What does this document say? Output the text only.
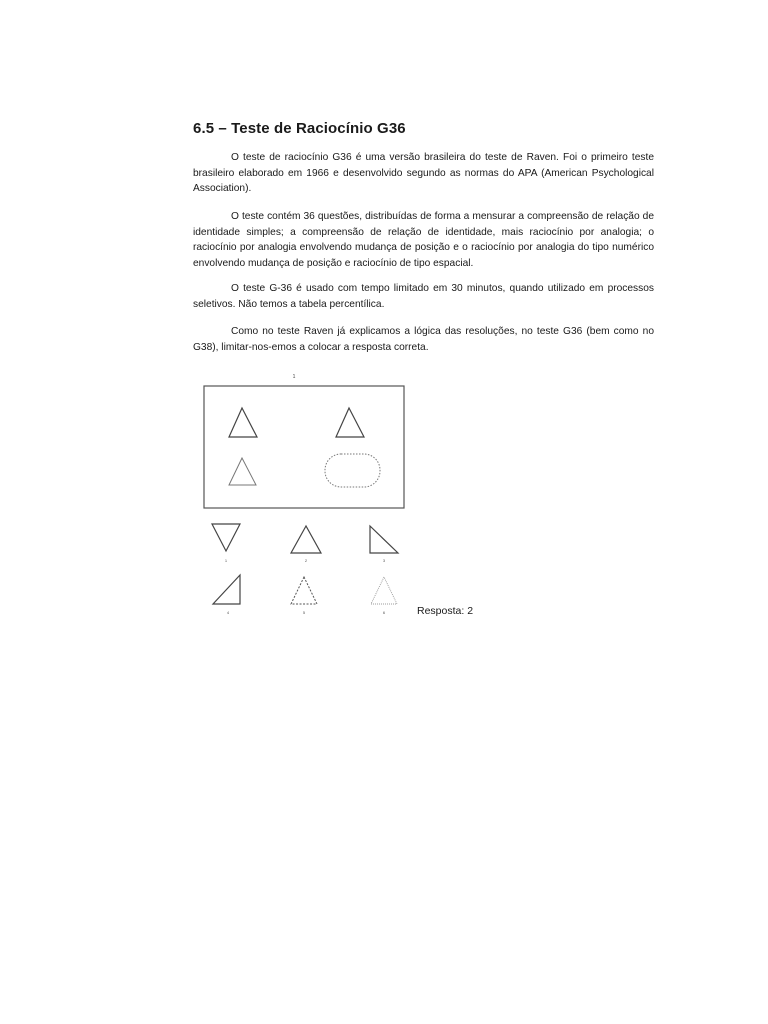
6.5 – Teste de Raciocínio G36

O teste de raciocínio G36 é uma versão brasileira do teste de Raven. Foi o primeiro teste brasileiro elaborado em 1966 e desenvolvido segundo as normas do APA (American Psychological Association).

O teste contém 36 questões, distribuídas de forma a mensurar a compreensão de relação de identidade simples; a compreensão de relação de identidade, mais raciocínio por analogia; o raciocínio por analogia envolvendo mudança de posição e o raciocínio por analogia do tipo numérico envolvendo mudança de posição e raciocínio de tipo espacial.

O teste G-36 é usado com tempo limitado em 30 minutos, quando utilizado em processos seletivos. Não temos a tabela percentílica.

Como no teste Raven já explicamos a lógica das resoluções, no teste G36 (bem como no G38), limitar-nos-emos a colocar a resposta correta.

1
1	2	3
4	5	6	Resposta: 2
